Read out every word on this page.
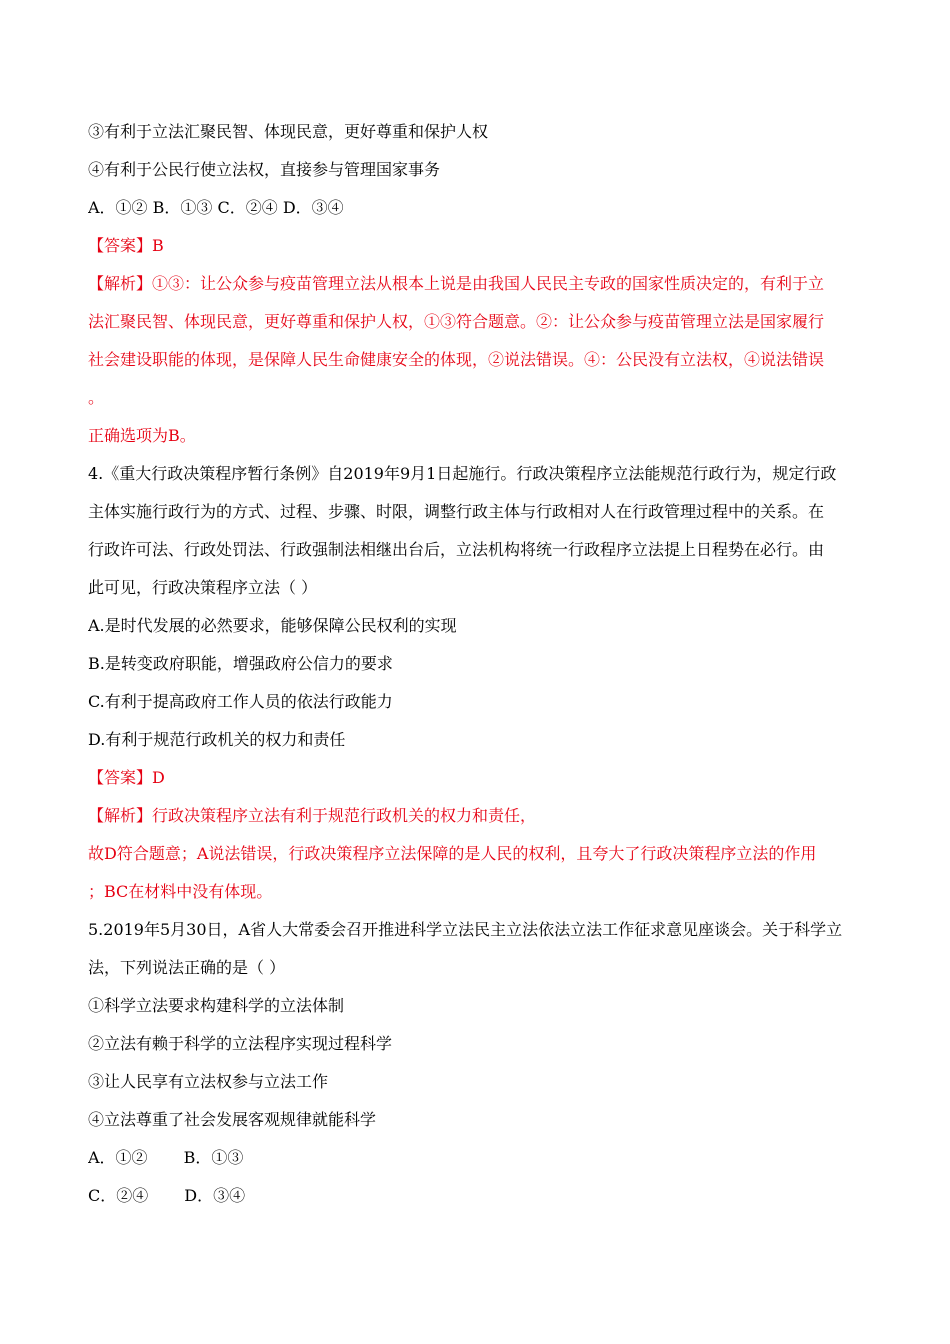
③有利于立法汇聚民智、体现民意，更好尊重和保护人权
④有利于公民行使立法权，直接参与管理国家事务
A．①② B．①③ C．②④ D．③④
【答案】B
【解析】①③：让公众参与疫苗管理立法从根本上说是由我国人民民主专政的国家性质决定的，有利于立
法汇聚民智、体现民意，更好尊重和保护人权，①③符合题意。②：让公众参与疫苗管理立法是国家履行
社会建设职能的体现，是保障人民生命健康安全的体现，②说法错误。④：公民没有立法权，④说法错误
。
正确选项为B。
4.《重大行政决策程序暂行条例》自2019年9月1日起施行。行政决策程序立法能规范行政行为，规定行政
主体实施行政行为的方式、过程、步骤、时限，调整行政主体与行政相对人在行政管理过程中的关系。在
行政许可法、行政处罚法、行政强制法相继出台后，立法机构将统一行政程序立法提上日程势在必行。由
此可见，行政决策程序立法（ ）
A.是时代发展的必然要求，能够保障公民权利的实现
B.是转变政府职能，增强政府公信力的要求
C.有利于提高政府工作人员的依法行政能力
D.有利于规范行政机关的权力和责任
【答案】D
【解析】行政决策程序立法有利于规范行政机关的权力和责任，
故D符合题意；A说法错误，行政决策程序立法保障的是人民的权利，且夸大了行政决策程序立法的作用
；BC在材料中没有体现。
5.2019年5月30日，A省人大常委会召开推进科学立法民主立法依法立法工作征求意见座谈会。关于科学立
法，下列说法正确的是（ ）
①科学立法要求构建科学的立法体制
②立法有赖于科学的立法程序实现过程科学
③让人民享有立法权参与立法工作
④立法尊重了社会发展客观规律就能科学
A．①② B．①③
C．②④ D．③④
